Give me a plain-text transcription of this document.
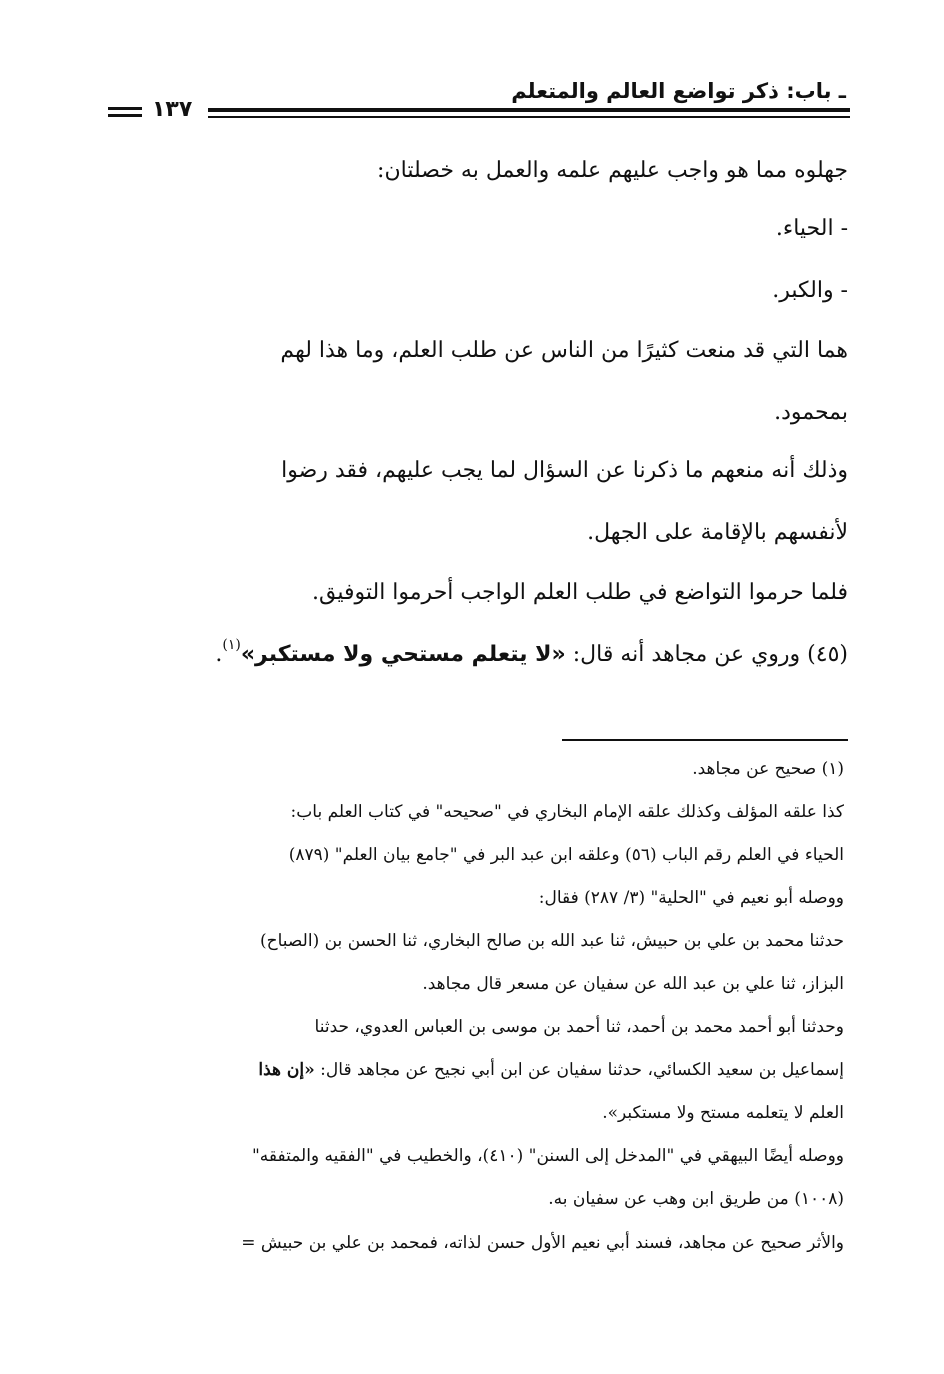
ـ باب: ذكر تواضع العالم والمتعلم
١٣٧
جهلوه مما هو واجب عليهم علمه والعمل به خصلتان:
- الحياء.
- والكبر.
هما التي قد منعت كثيرًا من الناس عن طلب العلم، وما هذا لهم
بمحمود.
وذلك أنه منعهم ما ذكرنا عن السؤال لما يجب عليهم، فقد رضوا
لأنفسهم بالإقامة على الجهل.
فلما حرموا التواضع في طلب العلم الواجب أحرموا التوفيق.
(٤٥) وروي عن مجاهد أنه قال: «لا يتعلم مستحي ولا مستكبر»$^{(١)}$.
(١) صحيح عن مجاهد.
كذا علقه المؤلف وكذلك علقه الإمام البخاري في "صحيحه" في كتاب العلم باب:
الحياء في العلم رقم الباب (٥٦) وعلقه ابن عبد البر في "جامع بيان العلم" (٨٧٩)
ووصله أبو نعيم في "الحلية" (٣/ ٢٨٧) فقال:
حدثنا محمد بن علي بن حبيش، ثنا عبد الله بن صالح البخاري، ثنا الحسن بن (الصباح)
البزاز، ثنا علي بن عبد الله عن سفيان عن مسعر قال مجاهد.
وحدثنا أبو أحمد محمد بن أحمد، ثنا أحمد بن موسى بن العباس العدوي، حدثنا
إسماعيل بن سعيد الكسائي، حدثنا سفيان عن ابن أبي نجيح عن مجاهد قال: «إن هذا
العلم لا يتعلمه مستح ولا مستكبر».
ووصله أيضًا البيهقي في "المدخل إلى السنن" (٤١٠)، والخطيب في "الفقيه والمتفقه"
(١٠٠٨) من طريق ابن وهب عن سفيان به.
والأثر صحيح عن مجاهد، فسند أبي نعيم الأول حسن لذاته، فمحمد بن علي بن حبيش =
